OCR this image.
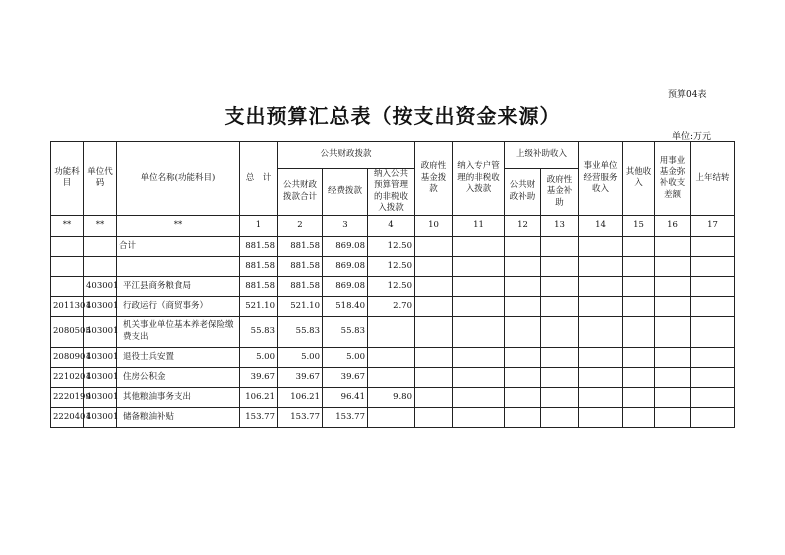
预算04表
支出预算汇总表（按支出资金来源）
单位:万元
功能科目	单位代码	单位名称(功能科目)	总　计	公共财政拨款			政府性基金拨款	纳入专户管理的非税收入拨款	上级补助收入		事业单位经营服务收入	其他收入	用事业基金弥补收支差额	上年结转
				公共财政拨款合计	经费拨款	纳入公共预算管理的非税收入拨款								
									公共财政补助	政府性基金补助				
**	**	**	1	2	3	4	10	11	12	13	14	15	16	17
		合计	881.58	881.58	869.08	12.50								
			881.58	881.58	869.08	12.50								
	403001	平江县商务粮食局	881.58	881.58	869.08	12.50								
2011301	403001	行政运行（商贸事务）	521.10	521.10	518.40	2.70								
2080505	403001	机关事业单位基本养老保险缴费支出	55.83	55.83	55.83									
2080901	403001	退役士兵安置	5.00	5.00	5.00									
2210201	403001	住房公积金	39.67	39.67	39.67									
2220199	403001	其他粮油事务支出	106.21	106.21	96.41	9.80								
2220401	403001	储备粮油补贴	153.77	153.77	153.77									
